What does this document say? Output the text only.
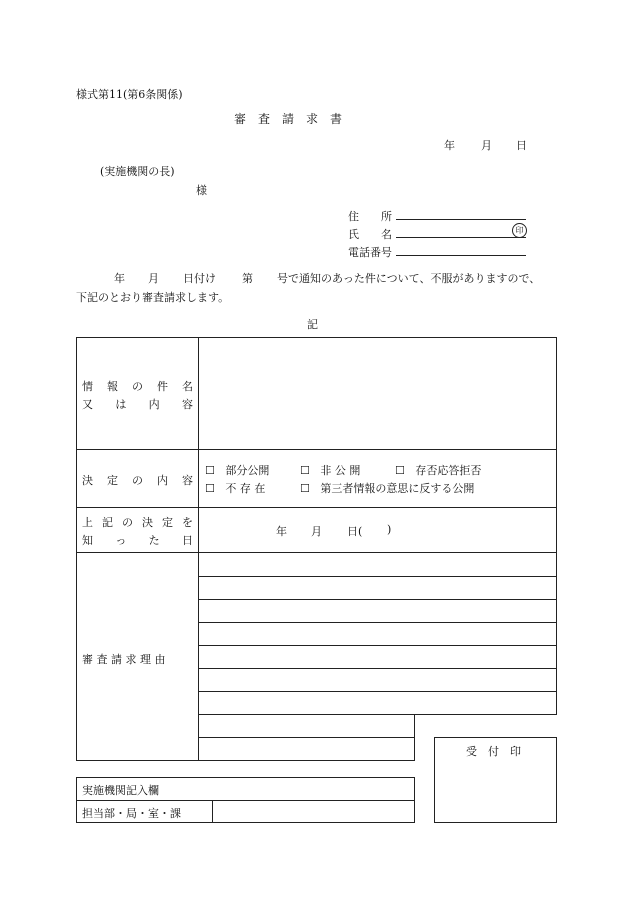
様式第11(第6条関係)
審　査　請　求　書
年 月 日
(実施機関の長)
様
住　　所
氏　　名	印
電話番号
年 月 日付け 第 号で通知のあった件について、不服がありますので、
下記のとおり審査請求します。
記
情 報 の 件 名
又 は 内 容
決 定 の 内 容
☐ 部分公開	☐ 非 公 開	☐ 存否応答拒否
☐ 不 存 在	☐ 第三者情報の意思に反する公開
上 記 の 決 定 を
知 っ た 日
年 月 日( )
審 査 請 求 理 由
受　付　印
実施機関記入欄
担当部・局・室・課
